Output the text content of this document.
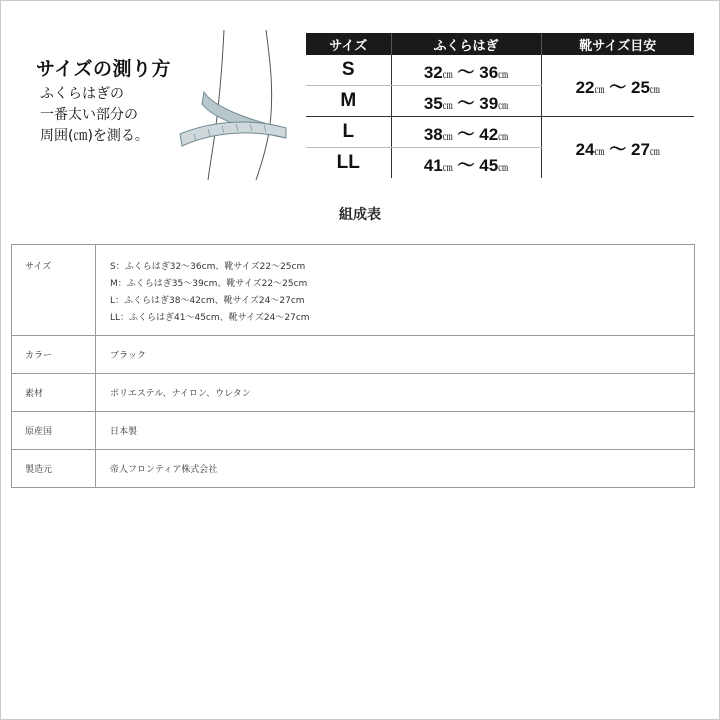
サイズの測り方
ふくらはぎの
一番太い部分の
周囲(㎝)を測る。
サイズ	ふくらはぎ	靴サイズ目安
S	32㎝ ～ 36㎝	22㎝ ～ 25㎝
M	35㎝ ～ 39㎝	
L	38㎝ ～ 42㎝	24㎝ ～ 27㎝
LL	41㎝ ～ 45㎝	
組成表
サイズ	S：ふくらはぎ32～36cm、靴サイズ22～25cm
M：ふくらはぎ35～39cm、靴サイズ22～25cm
L：ふくらはぎ38～42cm、靴サイズ24～27cm
LL：ふくらはぎ41～45cm、靴サイズ24～27cm

カラー	ブラック
素材	ポリエステル、ナイロン、ウレタン
原産国	日本製
製造元	帝人フロンティア株式会社
